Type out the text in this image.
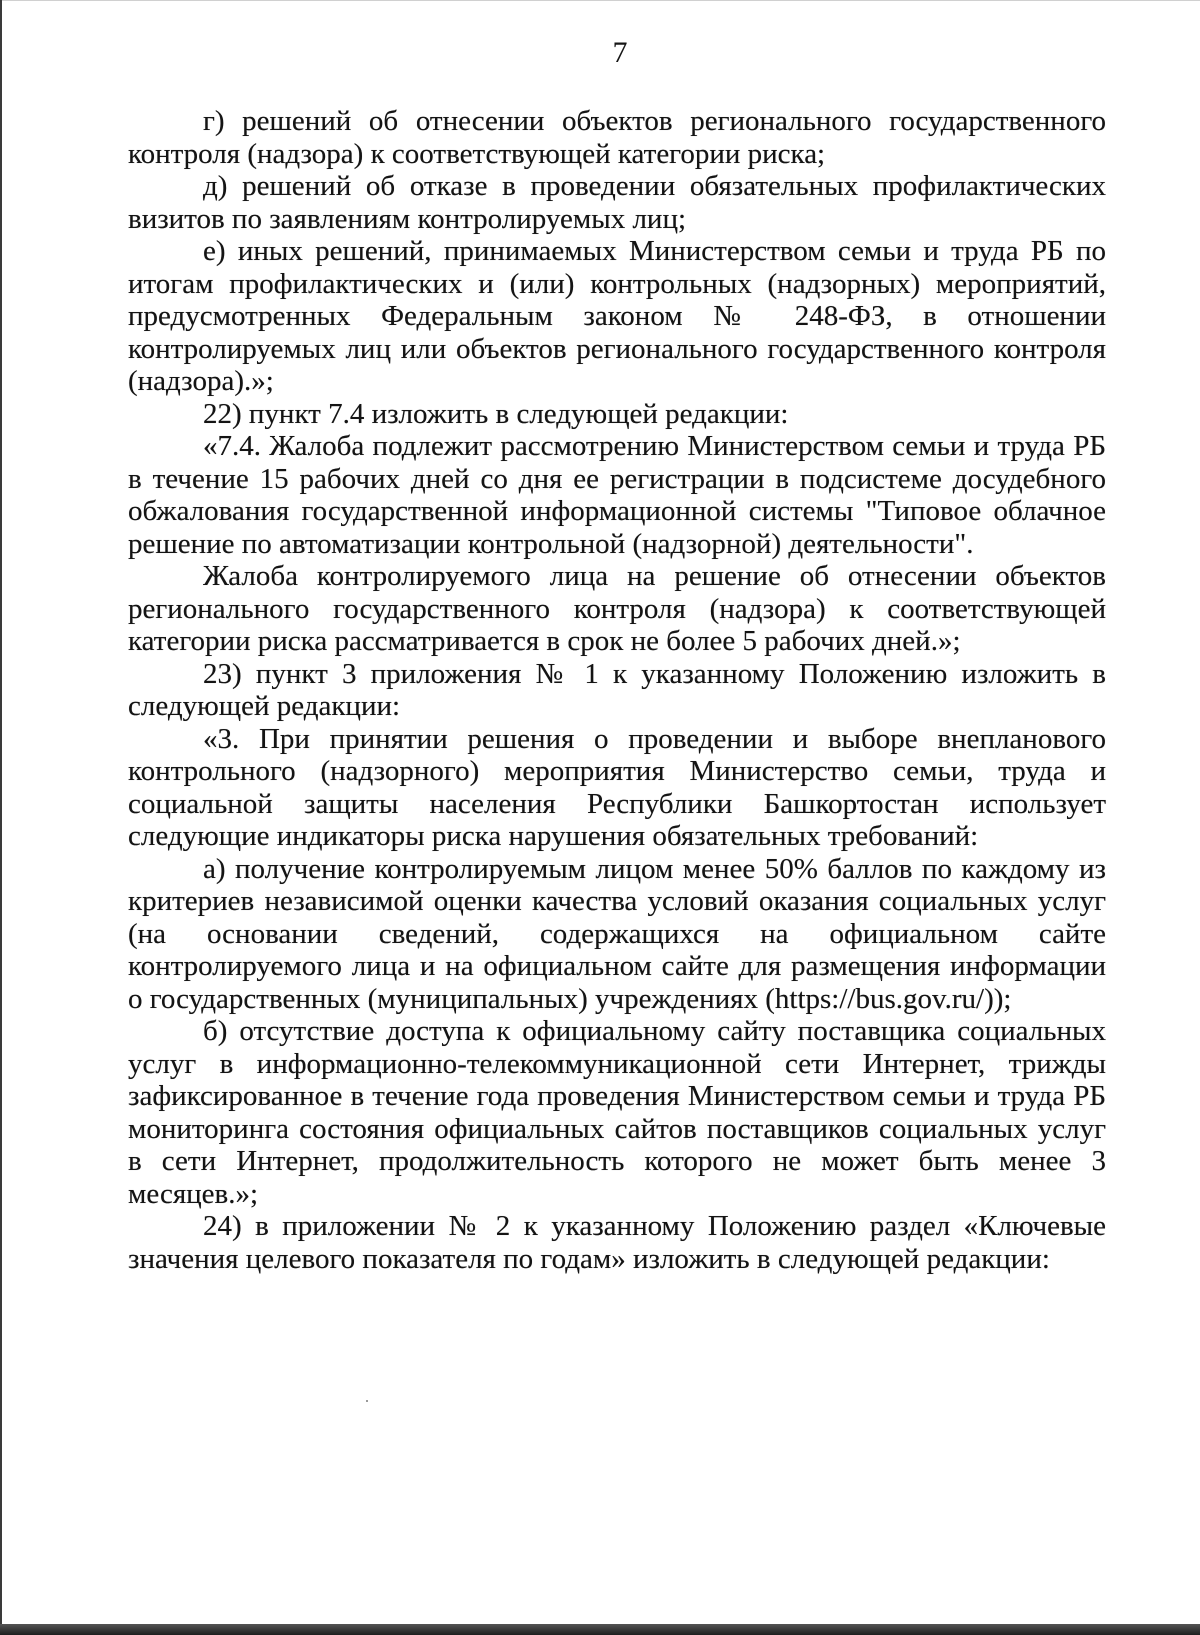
7

г) решений об отнесении объектов регионального государственного контроля (надзора) к соответствующей категории риска;

д) решений об отказе в проведении обязательных профилактических визитов по заявлениям контролируемых лиц;

е) иных решений, принимаемых Министерством семьи и труда РБ по итогам профилактических и (или) контрольных (надзорных) мероприятий, предусмотренных Федеральным законом № 248-ФЗ, в отношении контролируемых лиц или объектов регионального государственного контроля (надзора).»;

22) пункт 7.4 изложить в следующей редакции:

«7.4. Жалоба подлежит рассмотрению Министерством семьи и труда РБ в течение 15 рабочих дней со дня ее регистрации в подсистеме досудебного обжалования государственной информационной системы "Типовое облачное решение по автоматизации контрольной (надзорной) деятельности".

Жалоба контролируемого лица на решение об отнесении объектов регионального государственного контроля (надзора) к соответствующей категории риска рассматривается в срок не более 5 рабочих дней.»;

23) пункт 3 приложения № 1 к указанному Положению изложить в следующей редакции:

«3. При принятии решения о проведении и выборе внепланового контрольного (надзорного) мероприятия Министерство семьи, труда и социальной защиты населения Республики Башкортостан использует следующие индикаторы риска нарушения обязательных требований:

а) получение контролируемым лицом менее 50% баллов по каждому из критериев независимой оценки качества условий оказания социальных услуг (на основании сведений, содержащихся на официальном сайте контролируемого лица и на официальном сайте для размещения информации о государственных (муниципальных) учреждениях (https://bus.gov.ru/));

б) отсутствие доступа к официальному сайту поставщика социальных услуг в информационно-телекоммуникационной сети Интернет, трижды зафиксированное в течение года проведения Министерством семьи и труда РБ мониторинга состояния официальных сайтов поставщиков социальных услуг в сети Интернет, продолжительность которого не может быть менее 3 месяцев.»;

24) в приложении № 2 к указанному Положению раздел «Ключевые значения целевого показателя по годам» изложить в следующей редакции:
